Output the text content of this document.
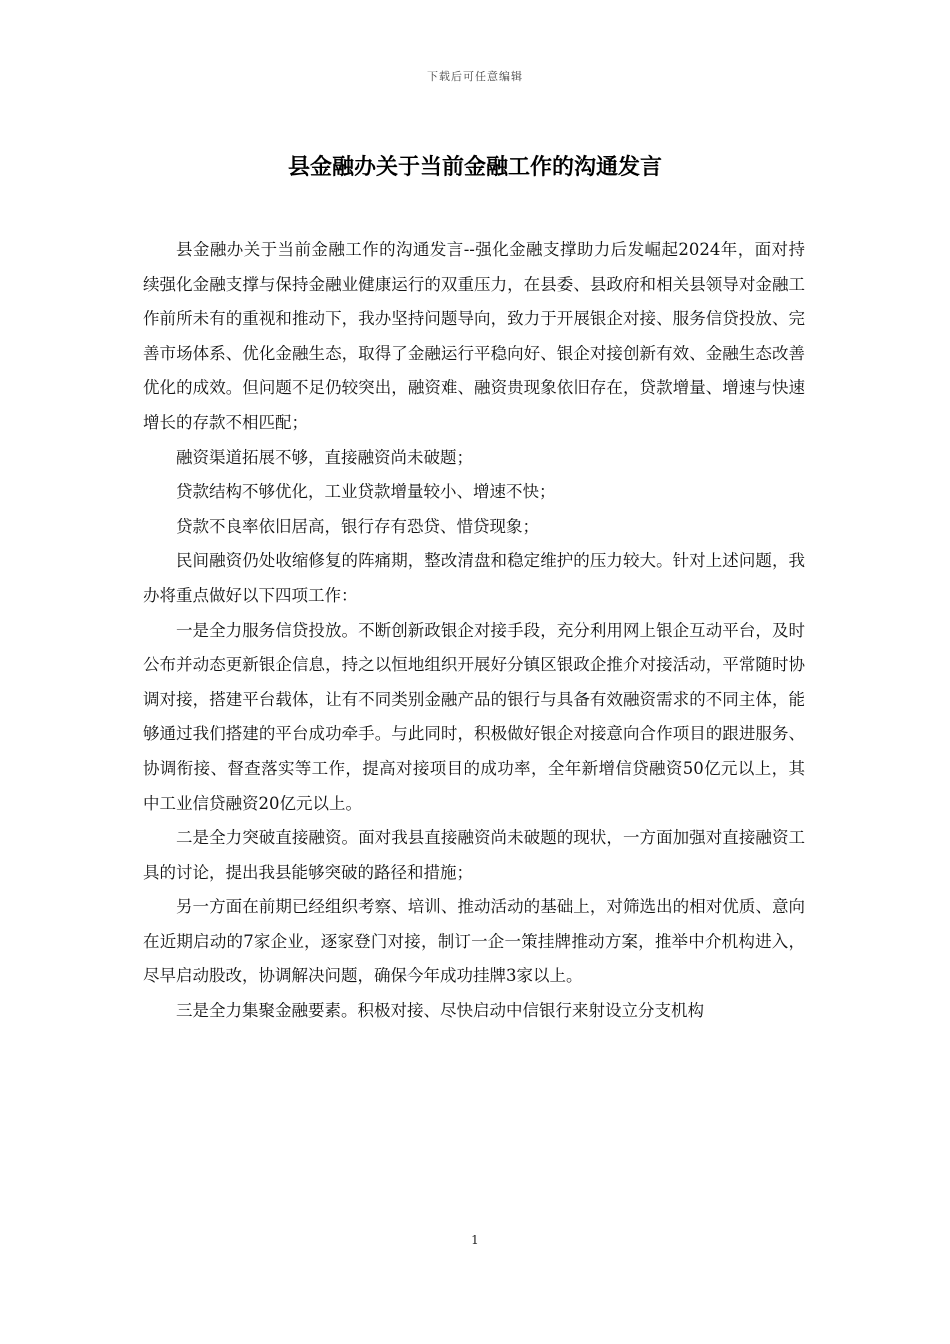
下载后可任意编辑
县金融办关于当前金融工作的沟通发言

县金融办关于当前金融工作的沟通发言--强化金融支撑助力后发崛起2024年，面对持续强化金融支撑与保持金融业健康运行的双重压力，在县委、县政府和相关县领导对金融工作前所未有的重视和推动下，我办坚持问题导向，致力于开展银企对接、服务信贷投放、完善市场体系、优化金融生态，取得了金融运行平稳向好、银企对接创新有效、金融生态改善优化的成效。但问题不足仍较突出，融资难、融资贵现象依旧存在，贷款增量、增速与快速增长的存款不相匹配；

融资渠道拓展不够，直接融资尚未破题；

贷款结构不够优化，工业贷款增量较小、增速不快；

贷款不良率依旧居高，银行存有恐贷、惜贷现象；

民间融资仍处收缩修复的阵痛期，整改清盘和稳定维护的压力较大。针对上述问题，我办将重点做好以下四项工作：

一是全力服务信贷投放。不断创新政银企对接手段，充分利用网上银企互动平台，及时公布并动态更新银企信息，持之以恒地组织开展好分镇区银政企推介对接活动，平常随时协调对接，搭建平台载体，让有不同类别金融产品的银行与具备有效融资需求的不同主体，能够通过我们搭建的平台成功牵手。与此同时，积极做好银企对接意向合作项目的跟进服务、协调衔接、督查落实等工作，提高对接项目的成功率，全年新增信贷融资50亿元以上，其中工业信贷融资20亿元以上。

二是全力突破直接融资。面对我县直接融资尚未破题的现状，一方面加强对直接融资工具的讨论，提出我县能够突破的路径和措施；

另一方面在前期已经组织考察、培训、推动活动的基础上，对筛选出的相对优质、意向在近期启动的7家企业，逐家登门对接，制订一企一策挂牌推动方案，推举中介机构进入，尽早启动股改，协调解决问题，确保今年成功挂牌3家以上。

三是全力集聚金融要素。积极对接、尽快启动中信银行来射设立分支机构

1
